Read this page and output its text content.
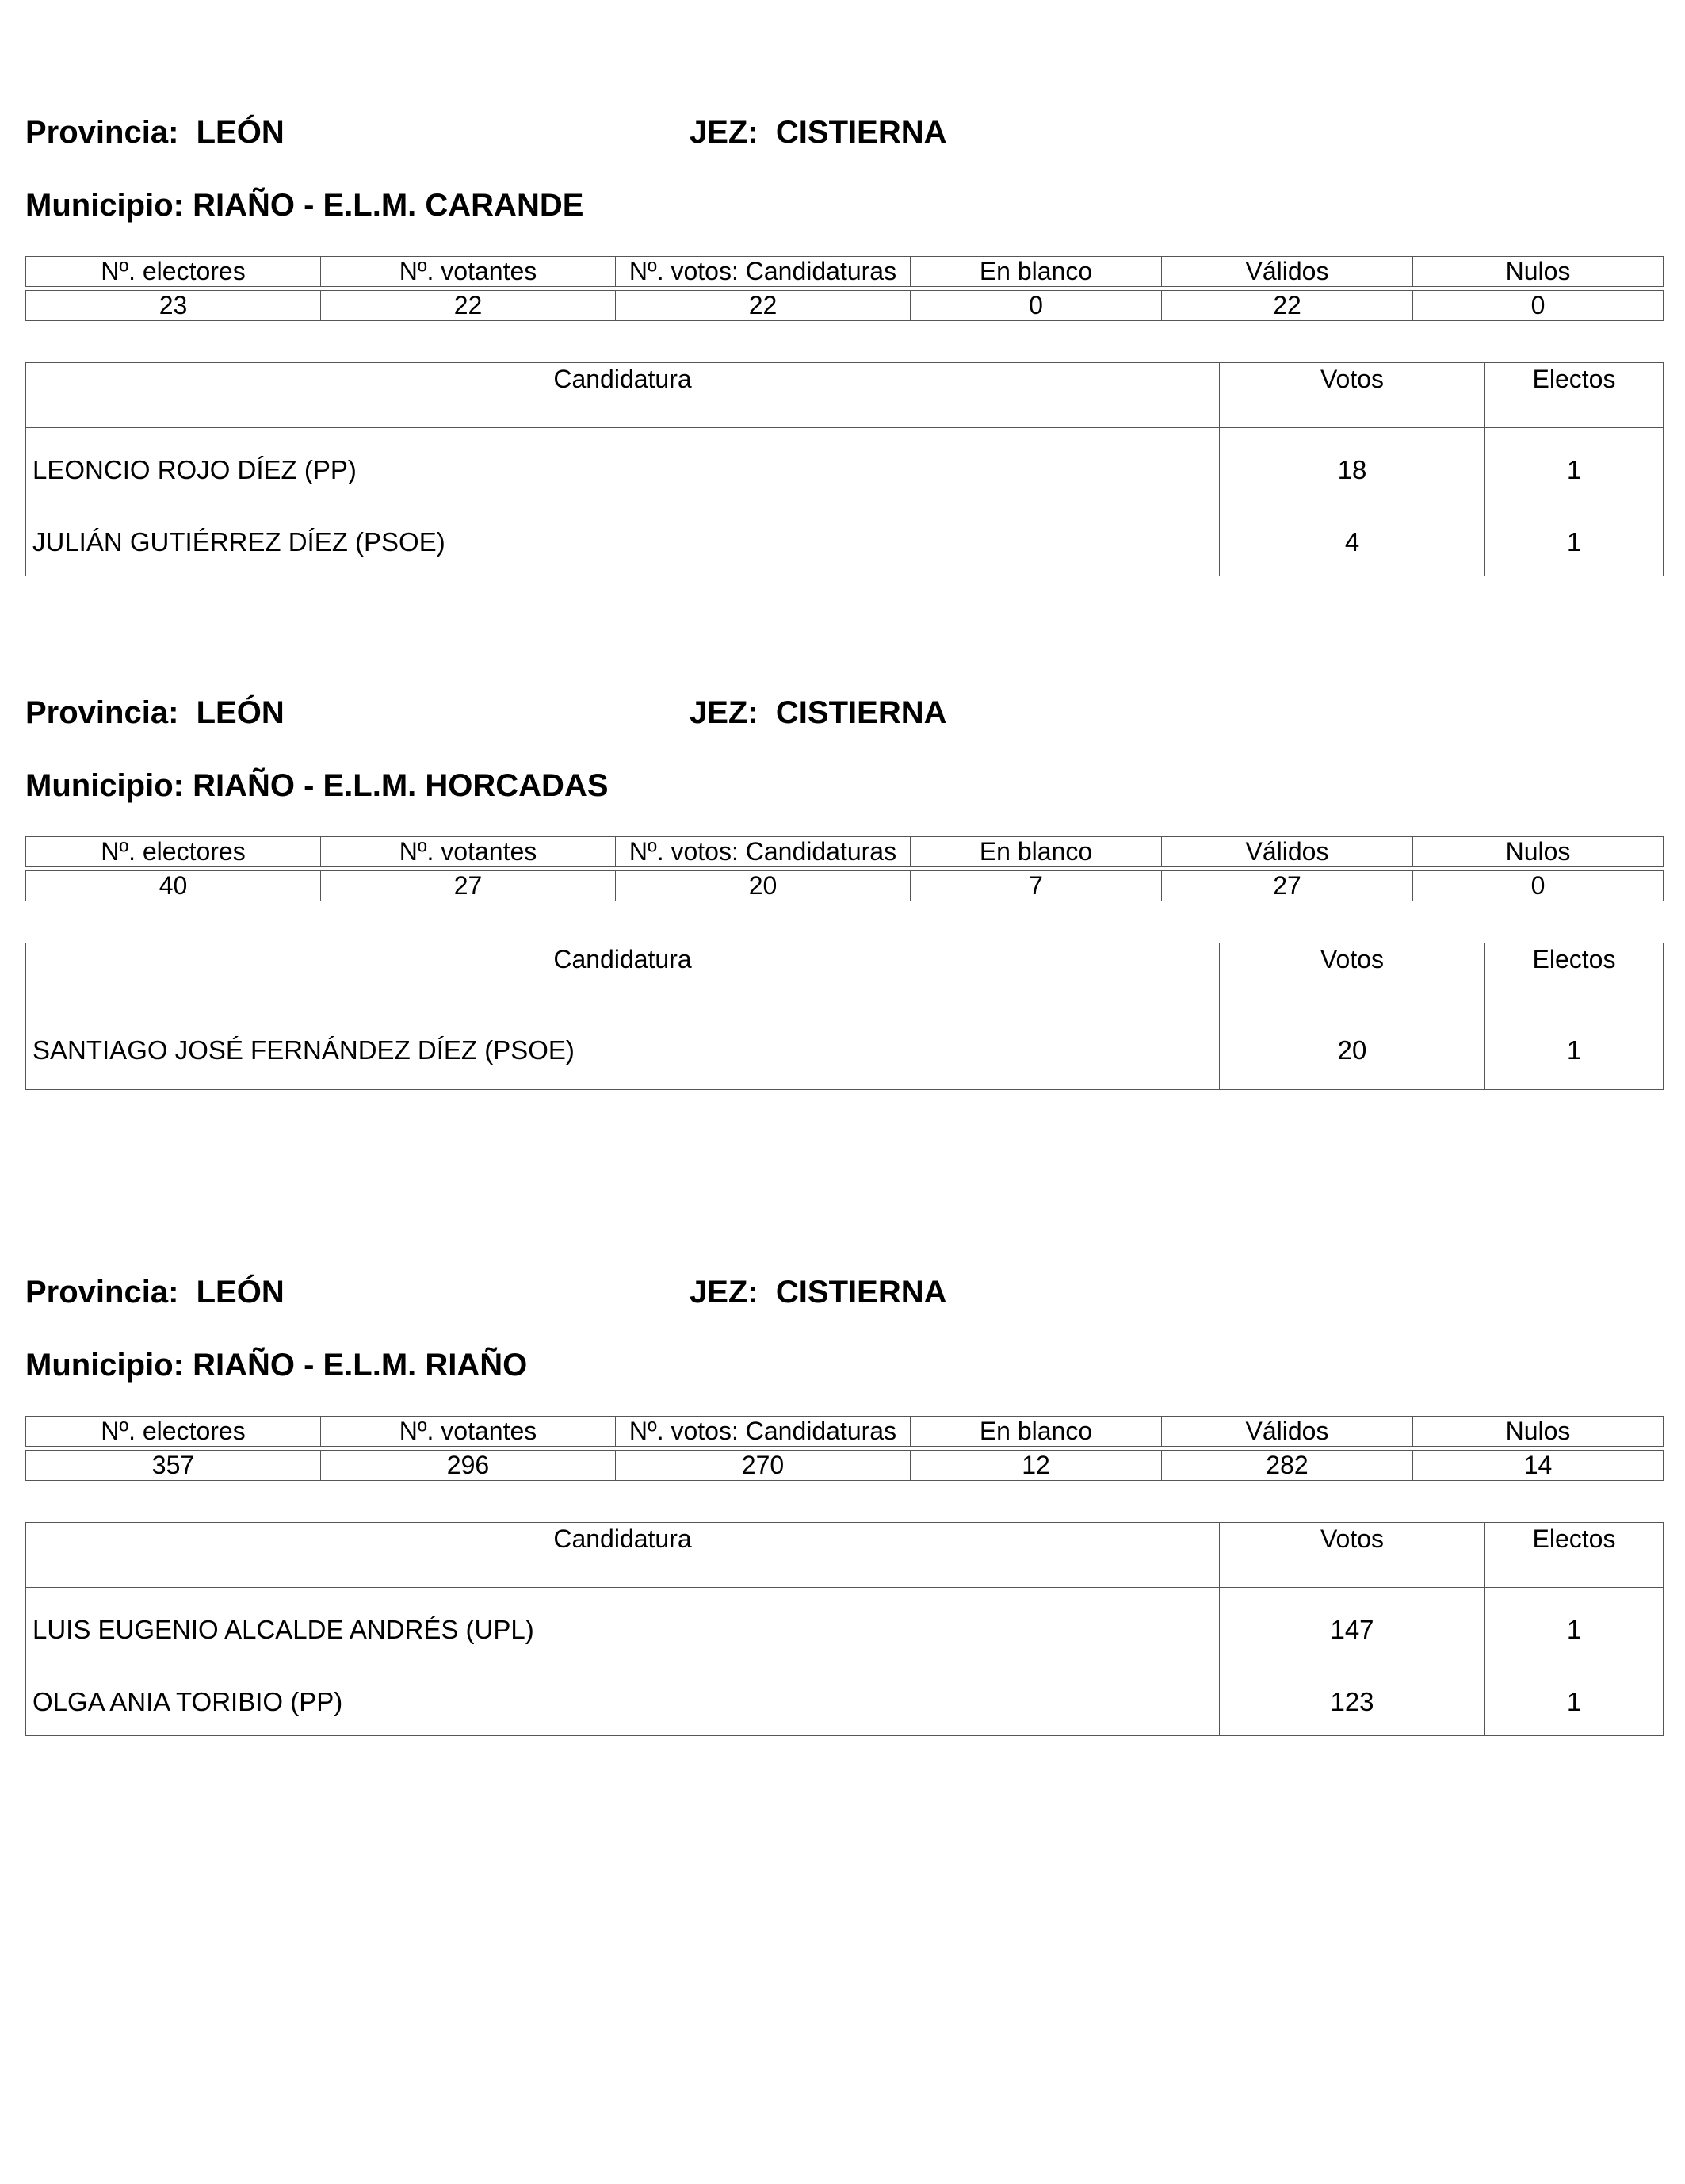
Provincia:  LEÓN	JEZ:  CISTIERNA
Municipio: RIAÑO - E.L.M. CARANDE
Nº. electores	Nº. votantes	Nº. votos: Candidaturas	En blanco	Válidos	Nulos

23	22	22	0	22	0
Candidatura	Votos	Electos
LEONCIO ROJO DÍEZ (PP)	18	1
JULIÁN GUTIÉRREZ DÍEZ (PSOE)	4	1
Provincia:  LEÓN	JEZ:  CISTIERNA
Municipio: RIAÑO - E.L.M. HORCADAS
Nº. electores	Nº. votantes	Nº. votos: Candidaturas	En blanco	Válidos	Nulos

40	27	20	7	27	0
Candidatura	Votos	Electos
SANTIAGO JOSÉ FERNÁNDEZ DÍEZ (PSOE)	20	1
Provincia:  LEÓN	JEZ:  CISTIERNA
Municipio: RIAÑO - E.L.M. RIAÑO
Nº. electores	Nº. votantes	Nº. votos: Candidaturas	En blanco	Válidos	Nulos

357	296	270	12	282	14
Candidatura	Votos	Electos
LUIS EUGENIO ALCALDE ANDRÉS (UPL)	147	1
OLGA ANIA TORIBIO (PP)	123	1
